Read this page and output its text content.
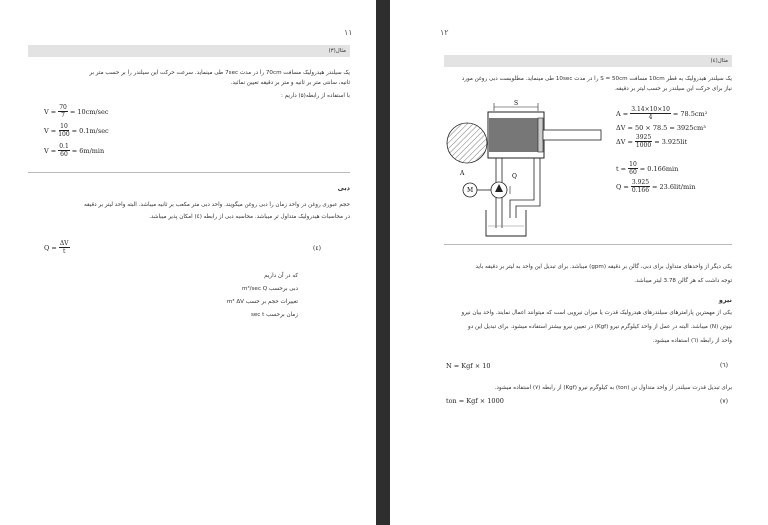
۱۱
مثال(۳)
یک سیلندر هیدرولیک مسافت 70cm را در مدت 7sec طی مینماید. سرعت حرکت این سیلندر را بر حسب متر بر
ثانیه، سانتی متر بر ثانیه و متر بر دقیقه تعیین نمائید.
با استفاده از رابطه(۵) داریم :
$V = \frac{70}{7} = 10cm/\sec$
$V = \frac{10}{100} = 0.1m/\sec$
$V = \frac{0.1}{60} = 6m/\min$
دبی
حجم عبوری روغن در واحد زمان را دبی روغن میگویند. واحد دبی متر مکعب بر ثانیه میباشد. البته واحد لیتر بر دقیقه
در محاسبات هیدرولیک متداول تر میباشد. محاسبه دبی از رابطه (٤) امکان پذیر میباشد.
$Q = \frac{\Delta V}{t}$	(٤)
که در آن داریم
دبی برحسب m³/sec Q
تغییرات حجم بر حسب m³ ΔV
زمان برحسب sec t
۱۲
مثال(٤)
یک سیلندر هیدرولیک به قطر 10cm مسافت S = 50cm را در مدت 10sec طی مینماید. مطلوبست دبی روغن مورد
نیاز برای حرکت این سیلندر بر حسب لیتر بر دقیقه.
S
A	Q
M
$A = \frac{3.14\times 10\times 10}{4} = 78.5cm^2$
ΔV = 50 × 78.5 = 3925cm³
$\Delta V = \frac{3925}{1000} = 3.925lit$
$t = \frac{10}{60} = 0.166\min$
$Q = \frac{3.925}{0.166} = 23.6lit/\min$
یکی دیگر از واحدهای متداول برای دبی، گالن بر دقیقه (gpm) میباشد. برای تبدیل این واحد به لیتر بر دقیقه باید
توجه داشت که هر گالن 3.78 لیتر میباشد.
نیرو
یکی از مهمترین پارامترهای سیلندرهای هیدرولیک قدرت یا میزان نیرویی است که میتوانند اعمال نمایند. واحد بیان نیرو
نیوتن (N) میباشد. البته در عمل از واحد کیلوگرم نیرو (Kgf) در تعیین نیرو بیشتر استفاده میشود. برای تبدیل این دو
واحد از رابطه (٦) استفاده میشود.
N = Kgf × 10	(٦)
برای تبدیل قدرت سیلندر از واحد متداول تن (ton) به کیلوگرم نیرو (Kgf) از رابطه (٧) استفاده میشود.
ton = Kgf × 1000	(٧)
